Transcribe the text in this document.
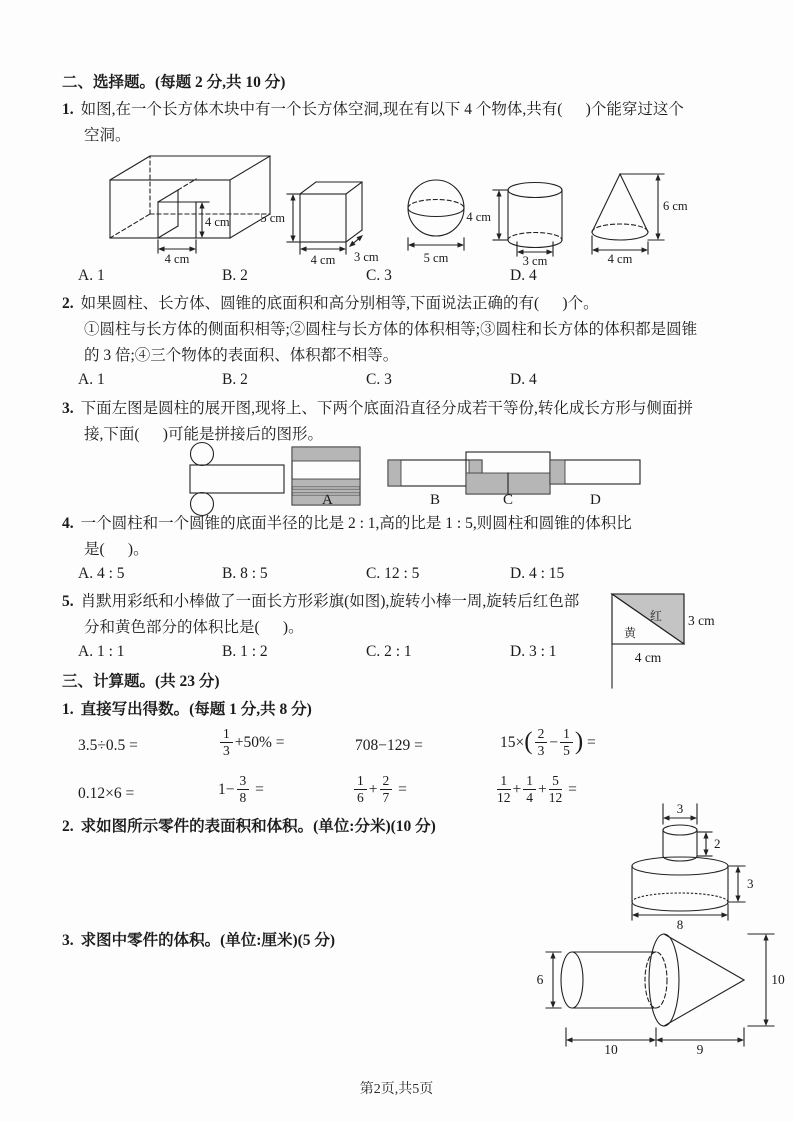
二、选择题。(每题 2 分,共 10 分)
1. 如图,在一个长方体木块中有一个长方体空洞,现在有以下 4 个物体,共有(      )个能穿过这个
空洞。
4 cm
4 cm
5 cm
4 cm 3 cm	5 cm
4 cm
3 cm
6 cm
4 cm
A. 1	B. 2	C. 3	D. 4
2. 如果圆柱、长方体、圆锥的底面积和高分别相等,下面说法正确的有(      )个。
①圆柱与长方体的侧面积相等;②圆柱与长方体的体积相等;③圆柱和长方体的体积都是圆锥
的 3 倍;④三个物体的表面积、体积都不相等。
A. 1	B. 2	C. 3	D. 4
3. 下面左图是圆柱的展开图,现将上、下两个底面沿直径分成若干等份,转化成长方形与侧面拼
接,下面(      )可能是拼接后的图形。
A	B	C	D
4. 一个圆柱和一个圆锥的底面半径的比是 2 : 1,高的比是 1 : 5,则圆柱和圆锥的体积比
是(      )。
A. 4 : 5	B. 8 : 5	C. 12 : 5	D. 4 : 15
5. 肖默用彩纸和小棒做了一面长方形彩旗(如图),旋转小棒一周,旋转后红色部
分和黄色部分的体积比是(      )。
A. 1 : 1	B. 1 : 2	C. 2 : 1	D. 3 : 1
红
黄
3 cm
4 cm
三、计算题。(共 23 分)
1. 直接写出得数。(每题 1 分,共 8 分)
3.5÷0.5 =	$\frac{1}{3} +50\%$ =	708−129 =	15× ( $\frac{2}{3} - \frac{1}{5}$ ) =
0.12×6 =	$1- \frac{3}{8}$ =	$\frac{1}{6} + \frac{2}{7}$ =	$\frac{1}{12} + \frac{1}{4} + \frac{5}{12}$ =
2. 求如图所示零件的表面积和体积。(单位:分米)(10 分)
3
2
3
8
3. 求图中零件的体积。(单位:厘米)(5 分)
6	10
10	9
第2页,共5页
